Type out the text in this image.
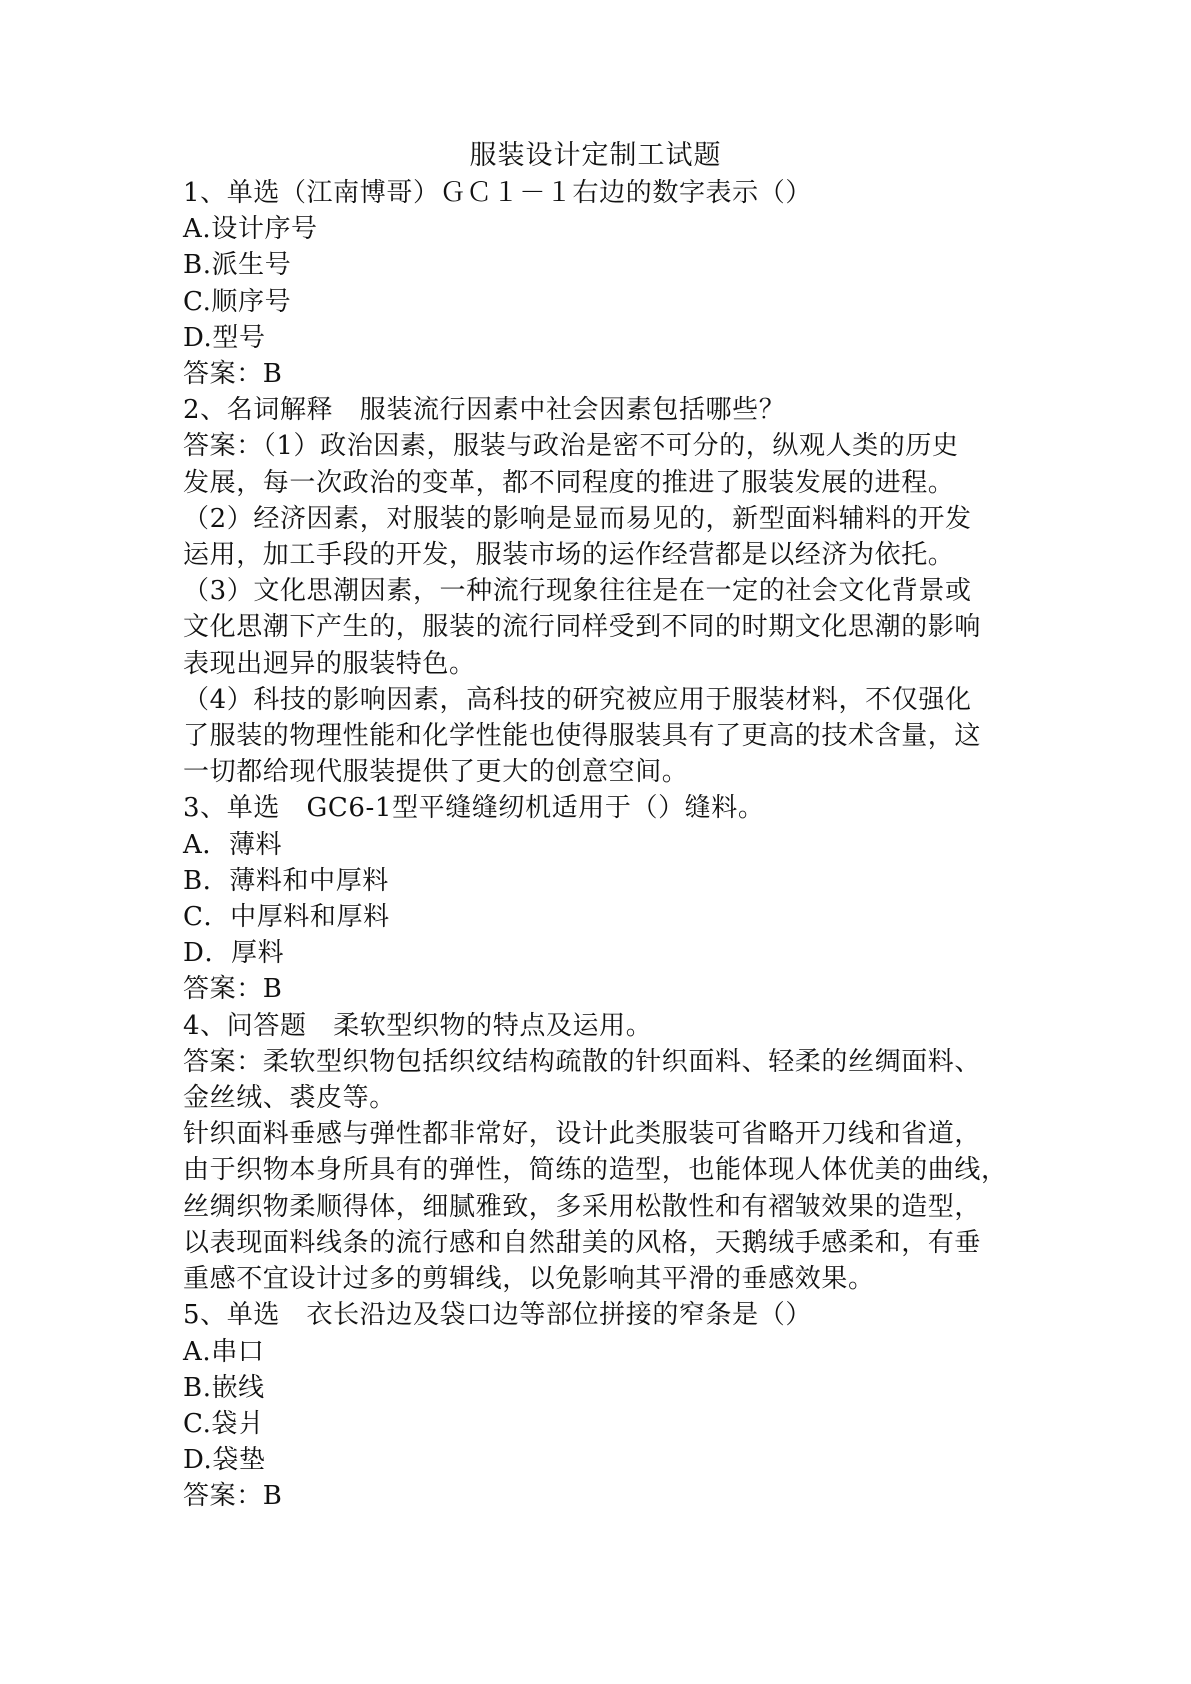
服装设计定制工试题
1、单选（江南博哥）ＧＣ１－１右边的数字表示（）
A.设计序号
B.派生号
C.顺序号
D.型号
答案：B
2、名词解释　服装流行因素中社会因素包括哪些？
答案：（1）政治因素，服装与政治是密不可分的，纵观人类的历史
发展，每一次政治的变革，都不同程度的推进了服装发展的进程。
（2）经济因素，对服装的影响是显而易见的，新型面料辅料的开发
运用，加工手段的开发，服装市场的运作经营都是以经济为依托。
（3）文化思潮因素，一种流行现象往往是在一定的社会文化背景或
文化思潮下产生的，服装的流行同样受到不同的时期文化思潮的影响
表现出迥异的服装特色。
（4）科技的影响因素，高科技的研究被应用于服装材料，不仅强化
了服装的物理性能和化学性能也使得服装具有了更高的技术含量，这
一切都给现代服装提供了更大的创意空间。
3、单选　GC6-1型平缝缝纫机适用于（）缝料。
A．薄料
B．薄料和中厚料
C．中厚料和厚料
D．厚料
答案：B
4、问答题　柔软型织物的特点及运用。
答案：柔软型织物包括织纹结构疏散的针织面料、轻柔的丝绸面料、
金丝绒、裘皮等。
针织面料垂感与弹性都非常好，设计此类服装可省略开刀线和省道，
由于织物本身所具有的弹性，简练的造型，也能体现人体优美的曲线，
丝绸织物柔顺得体，细腻雅致，多采用松散性和有褶皱效果的造型，
以表现面料线条的流行感和自然甜美的风格，天鹅绒手感柔和，有垂
重感不宜设计过多的剪辑线，以免影响其平滑的垂感效果。
5、单选　衣长沿边及袋口边等部位拼接的窄条是（）
A.串口
B.嵌线
C.袋爿
D.袋垫
答案：B
